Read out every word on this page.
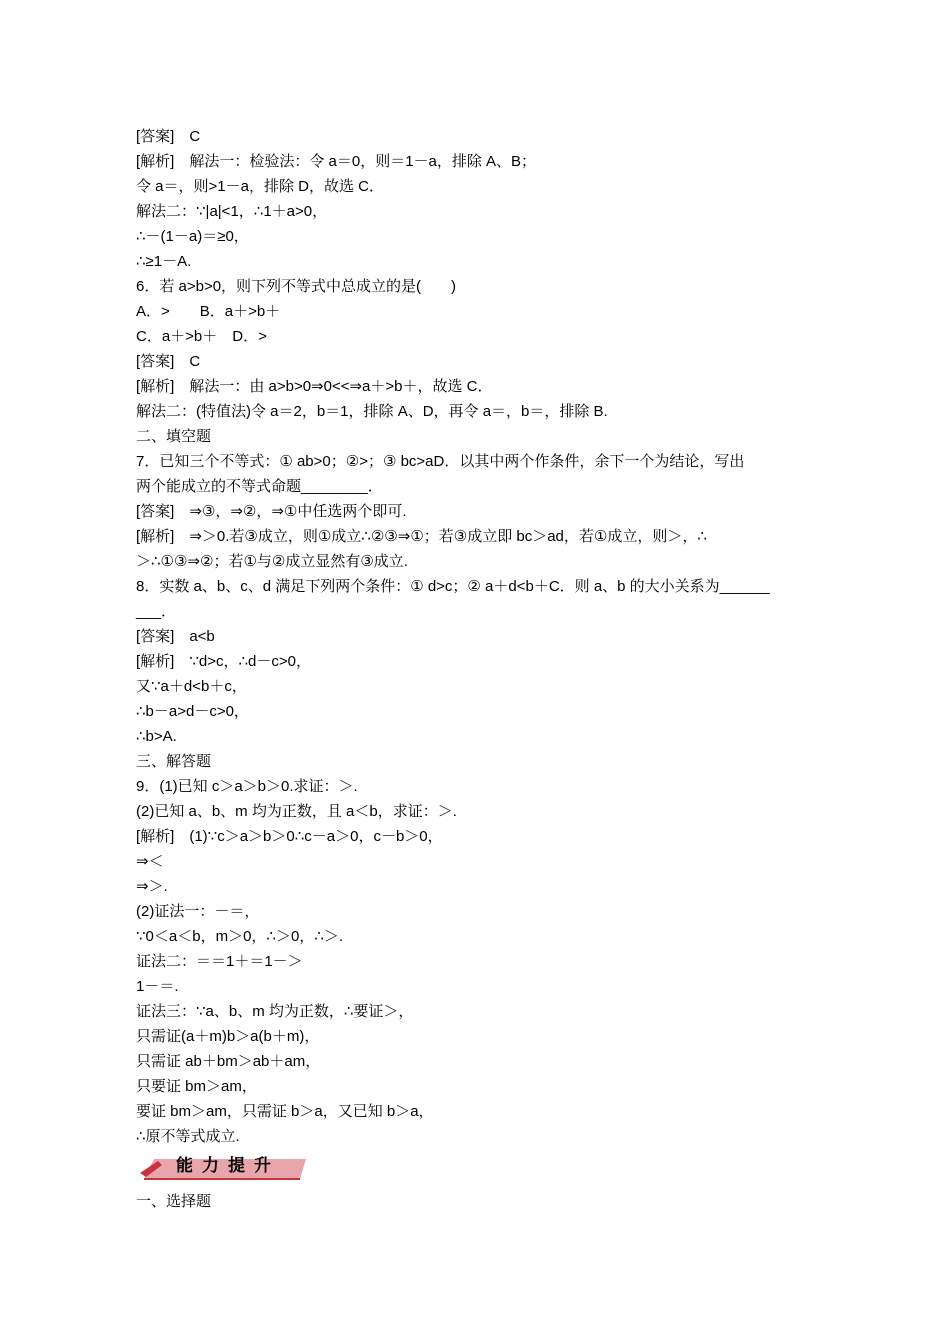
[答案]　C
[解析]　解法一：检验法：令 a＝0，则＝1－a，排除 A、B；
令 a＝，则>1－a，排除 D，故选 C．
解法二：∵|a|<1，∴1＋a>0，
∴－(1－a)＝≥0，
∴≥1－A.
6．若 a>b>0，则下列不等式中总成立的是(　　)
A．>　　B．a＋>b＋
C．a＋>b＋　D．>
[答案]　C
[解析]　解法一：由 a>b>0⇒0<<⇒a＋>b＋，故选 C．
解法二：(特值法)令 a＝2，b＝1，排除 A、D，再令 a＝，b＝，排除 B.
二、填空题
7．已知三个不等式：① ab>0；②>；③ bc>aD．以其中两个作条件，余下一个为结论，写出
两个能成立的不等式命题________．
[答案]　⇒③，⇒②，⇒①中任选两个即可.
[解析]　⇒＞0.若③成立，则①成立∴②③⇒①；若③成立即 bc＞ad，若①成立，则＞，∴
＞∴①③⇒②；若①与②成立显然有③成立.
8．实数 a、b、c、d 满足下列两个条件：① d>c；② a＋d<b＋C．则 a、b 的大小关系为______
___．
[答案]　a<b
[解析]　∵d>c，∴d－c>0，
又∵a＋d<b＋c，
∴b－a>d－c>0，
∴b>A.
三、解答题
9．(1)已知 c＞a＞b＞0.求证：＞.
(2)已知 a、b、m 均为正数，且 a＜b，求证：＞.
[解析]　(1)∵c＞a＞b＞0∴c－a＞0，c－b＞0，
⇒＜
⇒＞.
(2)证法一：－＝，
∵0＜a＜b，m＞0，∴＞0，∴＞.
证法二：＝＝1＋＝1－＞
1－＝.
证法三：∵a、b、m 均为正数，∴要证＞，
只需证(a＋m)b＞a(b＋m)，
只需证 ab＋bm＞ab＋am，
只要证 bm＞am，
要证 bm＞am，只需证 b＞a，又已知 b＞a，
∴原不等式成立.
能力提升
一、选择题
